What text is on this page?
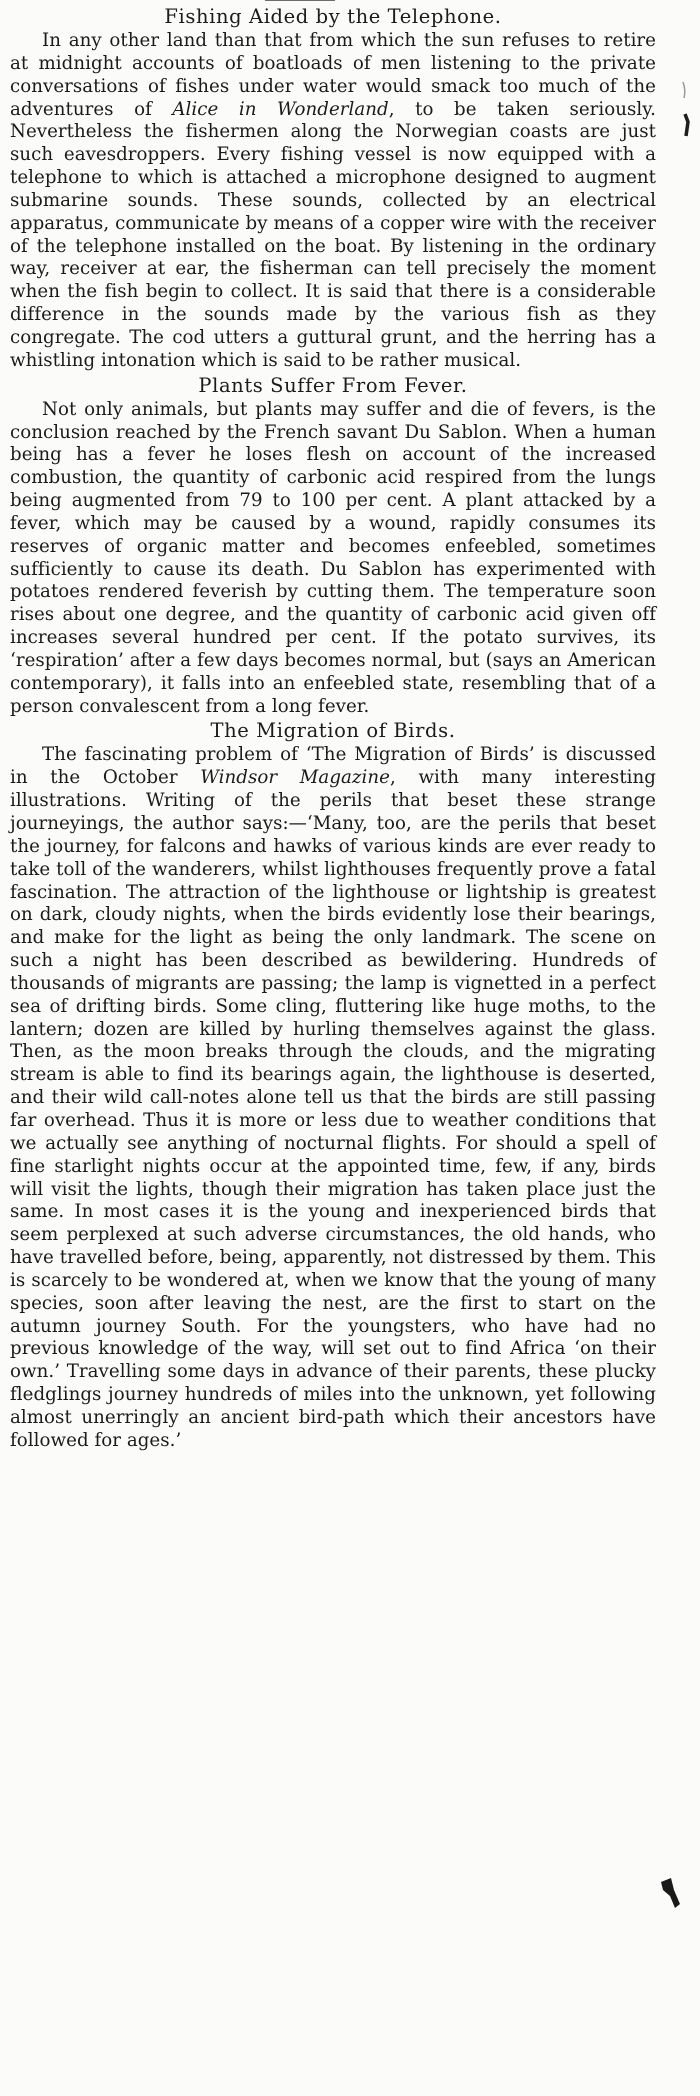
Fishing Aided by the Telephone.

In any other land than that from which the sun refuses to retire at midnight accounts of boatloads of men listening to the private conversations of fishes under water would smack too much of the adventures of Alice in Wonderland, to be taken seriously. Nevertheless the fishermen along the Norwegian coasts are just such eavesdroppers. Every fishing vessel is now equipped with a telephone to which is attached a microphone designed to augment submarine sounds. These sounds, collected by an electrical apparatus, communicate by means of a copper wire with the receiver of the telephone installed on the boat. By listening in the ordinary way, receiver at ear, the fisherman can tell precisely the moment when the fish begin to collect. It is said that there is a considerable difference in the sounds made by the various fish as they congregate. The cod utters a guttural grunt, and the herring has a whistling intonation which is said to be rather musical.

Plants Suffer From Fever.

Not only animals, but plants may suffer and die of fevers, is the conclusion reached by the French savant Du Sablon. When a human being has a fever he loses flesh on account of the increased combustion, the quantity of carbonic acid respired from the lungs being augmented from 79 to 100 per cent. A plant attacked by a fever, which may be caused by a wound, rapidly consumes its reserves of organic matter and becomes enfeebled, sometimes sufficiently to cause its death. Du Sablon has experimented with potatoes rendered feverish by cutting them. The temperature soon rises about one degree, and the quantity of carbonic acid given off increases several hundred per cent. If the potato survives, its ‘respiration’ after a few days becomes normal, but (says an American contemporary), it falls into an enfeebled state, resembling that of a person convalescent from a long fever.

The Migration of Birds.

The fascinating problem of ‘The Migration of Birds’ is discussed in the October Windsor Magazine, with many interesting illustrations. Writing of the perils that beset these strange journeyings, the author says:—‘Many, too, are the perils that beset the journey, for falcons and hawks of various kinds are ever ready to take toll of the wanderers, whilst lighthouses frequently prove a fatal fascination. The attraction of the lighthouse or lightship is greatest on dark, cloudy nights, when the birds evidently lose their bearings, and make for the light as being the only landmark. The scene on such a night has been described as bewildering. Hundreds of thousands of migrants are passing; the lamp is vignetted in a perfect sea of drifting birds. Some cling, fluttering like huge moths, to the lantern; dozen are killed by hurling themselves against the glass. Then, as the moon breaks through the clouds, and the migrating stream is able to find its bearings again, the lighthouse is deserted, and their wild call-notes alone tell us that the birds are still passing far overhead. Thus it is more or less due to weather conditions that we actually see anything of nocturnal flights. For should a spell of fine starlight nights occur at the appointed time, few, if any, birds will visit the lights, though their migration has taken place just the same. In most cases it is the young and inexperienced birds that seem perplexed at such adverse circumstances, the old hands, who have travelled before, being, apparently, not distressed by them. This is scarcely to be wondered at, when we know that the young of many species, soon after leaving the nest, are the first to start on the autumn journey South. For the youngsters, who have had no previous knowledge of the way, will set out to find Africa ‘on their own.’ Travelling some days in advance of their parents, these plucky fledglings journey hundreds of miles into the unknown, yet following almost unerringly an ancient bird-path which their ancestors have followed for ages.’
